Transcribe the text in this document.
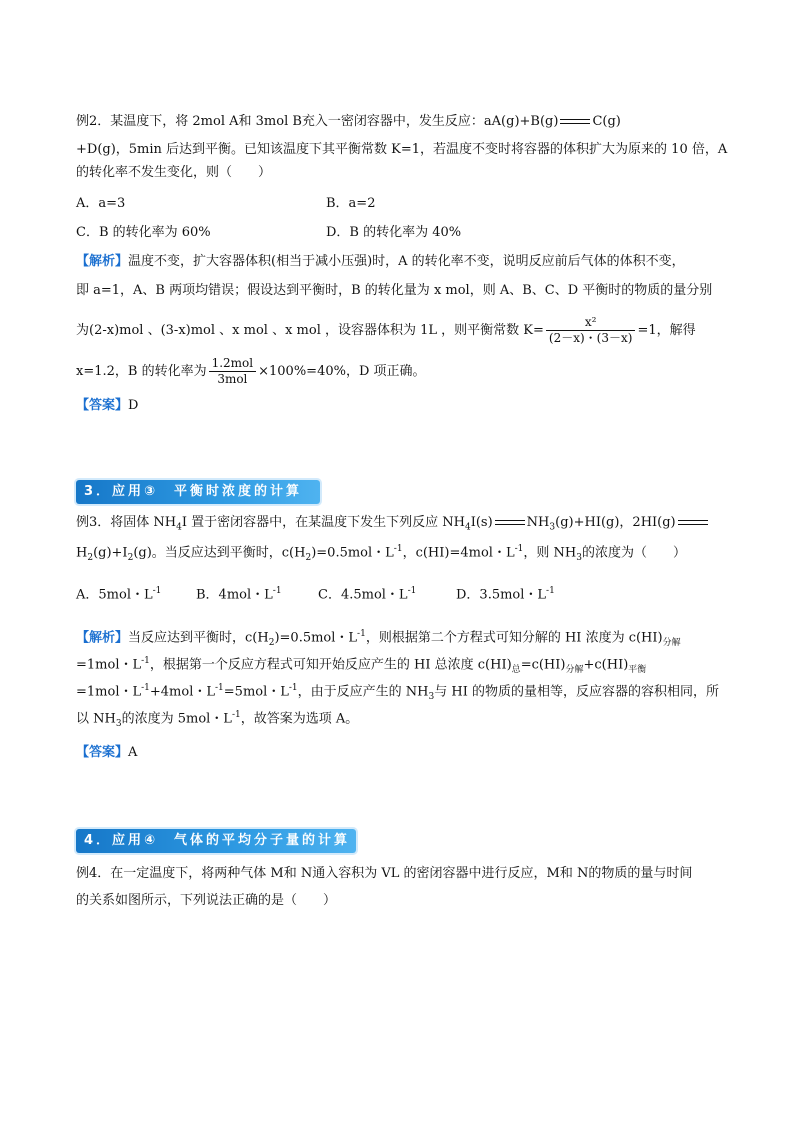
例2．某温度下，将 2mol A和 3mol B充入一密闭容器中，发生反应：aA(g)+B(g)	C(g)
+D(g)，5min 后达到平衡。已知该温度下其平衡常数 K=1，若温度不变时将容器的体积扩大为原来的 10 倍，A
的转化率不发生变化，则（　　）
A．a=3	B．a=2
C．B 的转化率为 60%	D．B 的转化率为 40%
【解析】温度不变，扩大容器体积(相当于减小压强)时，A 的转化率不变，说明反应前后气体的体积不变，
即 a=1，A、B 两项均错误；假设达到平衡时，B 的转化量为 x mol，则 A、B、C、D 平衡时的物质的量分别
为(2-x)mol 、(3-x)mol 、x mol 、x mol ，设容器体积为 1L ，则平衡常数 $K= \frac{\text{x²}}{(2-x)・(3-x)} =1$，解得
x=1.2，B 的转化率为 $\frac{\text{1.2mol}}{\text{3mol}} \times 100\%=40\%$，D 项正确。
【答案】D
3．应用③　平衡时浓度的计算
例3．将固体 $NH_4I$ 置于密闭容器中，在某温度下发生下列反应 $NH_4I(s)$	$NH_3(g)+HI(g)$，2HI(g)
$H_2(g)+I_2(g)$。当反应达到平衡时，$c(H_2)=0.5mol$・$L^{-1}$，c(HI)=4mol・$L^{-1}$，则 $NH_3$的浓度为（　　）
A．5mol・$L^{-1}$	B．4mol・$L^{-1}$	C．4.5mol・$L^{-1}$	D．3.5mol・$L^{-1}$
【解析】当反应达到平衡时，$c(H_2)=0.5mol$・$L^{-1}$，则根据第二个方程式可知分解的 HI 浓度为 $c(HI)_{分解}$
=1mol・$L^{-1}$，根据第一个反应方程式可知开始反应产生的 HI 总浓度 $c(HI)_总=c(HI)_{分解}+c(HI)_{平衡}$
=1mol・$L^{-1}+4mol$・$L^{-1}=5mol$・$L^{-1}$，由于反应产生的 $NH_3$与 HI 的物质的量相等，反应容器的容积相同，所
以 $NH_3$的浓度为 5mol・$L^{-1}$，故答案为选项 A。
【答案】A
4．应用④　气体的平均分子量的计算
例4．在一定温度下，将两种气体 M和 N通入容积为 VL 的密闭容器中进行反应，M和 N的物质的量与时间
的关系如图所示，下列说法正确的是（　　）
